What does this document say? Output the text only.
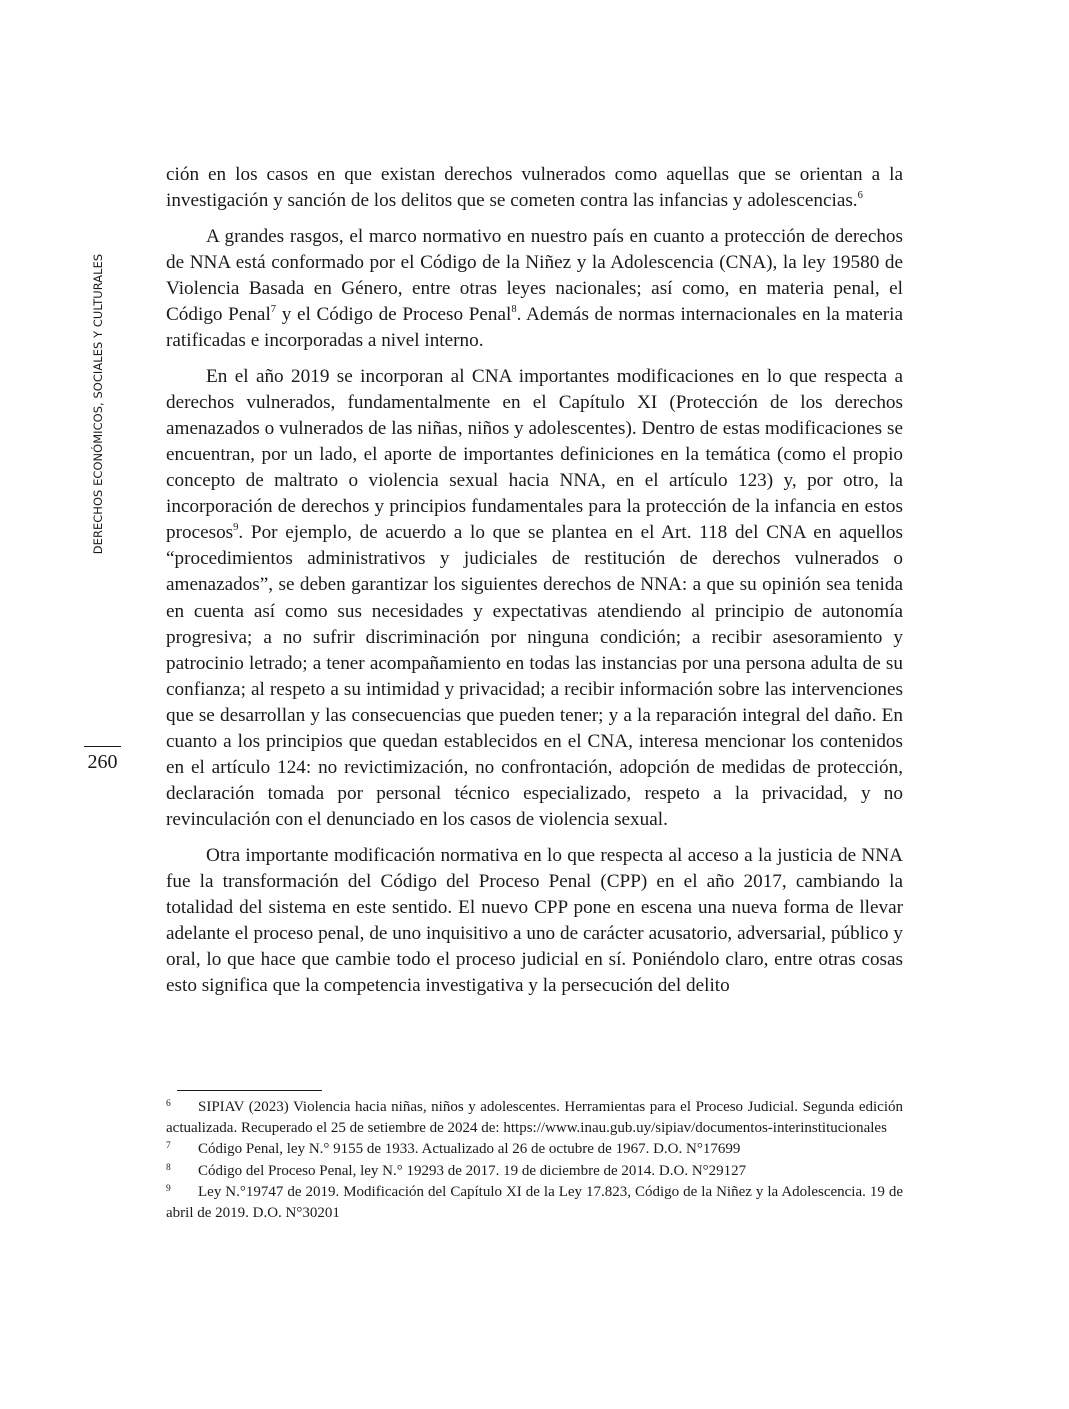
DERECHOS ECONÓMICOS, SOCIALES Y CULTURALES
260

ción en los casos en que existan derechos vulnerados como aquellas que se orientan a la investigación y sanción de los delitos que se cometen contra las infancias y adolescencias.$^6$

A grandes rasgos, el marco normativo en nuestro país en cuanto a protección de derechos de NNA está conformado por el Código de la Niñez y la Adolescencia (CNA), la ley 19580 de Violencia Basada en Género, entre otras leyes nacionales; así como, en materia penal, el Código Penal$^7$ y el Código de Proceso Penal$^8$. Además de normas internacionales en la materia ratificadas e incorporadas a nivel interno.

En el año 2019 se incorporan al CNA importantes modificaciones en lo que respecta a derechos vulnerados, fundamentalmente en el Capítulo XI (Protección de los derechos amenazados o vulnerados de las niñas, niños y adolescentes). Dentro de estas modificaciones se encuentran, por un lado, el aporte de importantes definiciones en la temática (como el propio concepto de maltrato o violencia sexual hacia NNA, en el artículo 123) y, por otro, la incorporación de derechos y principios fundamentales para la protección de la infancia en estos procesos$^9$. Por ejemplo, de acuerdo a lo que se plantea en el Art. 118 del CNA en aquellos “procedimientos administrativos y judiciales de restitución de derechos vulnerados o amenazados”, se deben garantizar los siguientes derechos de NNA: a que su opinión sea tenida en cuenta así como sus necesidades y expectativas atendiendo al principio de autonomía progresiva; a no sufrir discriminación por ninguna condición; a recibir asesoramiento y patrocinio letrado; a tener acompañamiento en todas las instancias por una persona adulta de su confianza; al respeto a su intimidad y privacidad; a recibir información sobre las intervenciones que se desarrollan y las consecuencias que pueden tener; y a la reparación integral del daño. En cuanto a los principios que quedan establecidos en el CNA, interesa mencionar los contenidos en el artículo 124: no revictimización, no confrontación, adopción de medidas de protección, declaración tomada por personal técnico especializado, respeto a la privacidad, y no revinculación con el denunciado en los casos de violencia sexual.

Otra importante modificación normativa en lo que respecta al acceso a la justicia de NNA fue la transformación del Código del Proceso Penal (CPP) en el año 2017, cambiando la totalidad del sistema en este sentido. El nuevo CPP pone en escena una nueva forma de llevar adelante el proceso penal, de uno inquisitivo a uno de carácter acusatorio, adversarial, público y oral, lo que hace que cambie todo el proceso judicial en sí. Poniéndolo claro, entre otras cosas esto significa que la competencia investigativa y la persecución del delito

6 SIPIAV (2023) Violencia hacia niñas, niños y adolescentes. Herramientas para el Proceso Judicial. Segunda edición actualizada. Recuperado el 25 de setiembre de 2024 de: https://www.inau.gub.uy/sipiav/documentos-interinstitucionales

7 Código Penal, ley N.° 9155 de 1933. Actualizado al 26 de octubre de 1967. D.O. N°17699

8 Código del Proceso Penal, ley N.° 19293 de 2017. 19 de diciembre de 2014. D.O. N°29127

9 Ley N.°19747 de 2019. Modificación del Capítulo XI de la Ley 17.823, Código de la Niñez y la Adolescencia. 19 de abril de 2019. D.O. N°30201
